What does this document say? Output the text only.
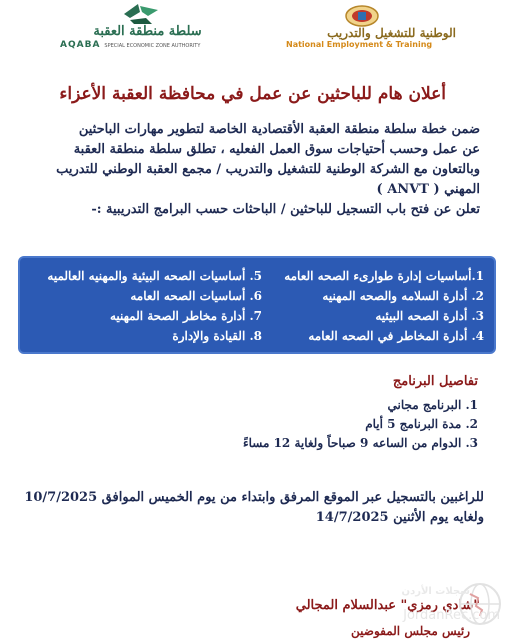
سلطة منطقة العقبة
AQABA SPECIAL ECONOMIC ZONE AUTHORITY
الوطنية للتشغيل والتدريب
National Employment & Training
أعلان هام للباحثين عن عمل في محافظة العقبة الأعزاء
ضمن خطة سلطة منطقة العقبة الأقتصادية الخاصة لتطوير مهارات الباحثين
عن عمل وحسب أحتياجات سوق العمل الفعليه ، تطلق سلطة منطقة العقبة
وبالتعاون مع الشركة الوطنية للتشغيل والتدريب / مجمع العقبة الوطني للتدريب
المهني ( ANVT )
تعلن عن فتح باب التسجيل للباحثين / الباحثات حسب البرامج التدريبية :-
1.أساسيات إدارة طوارىء الصحه العامه
2. أدارة السلامه والصحه المهنيه
3. أدارة الصحه البيئيه
4. أدارة المخاطر في الصحه العامه
5. أساسيات الصحه البيئية والمهنيه العالميه
6. أساسيات الصحه العامه
7. أدارة مخاطر الصحة المهنيه
8. القيادة والإدارة
تفاصيل البرنامج
1. البرنامج مجاني
2. مدة البرنامج 5 أيام
3. الدوام من الساعه 9 صباحاً ولغاية 12 مساءً
للراغبين بالتسجيل عبر الموقع المرفق وابتداء من يوم الخميس الموافق 10/7/2025
ولغايه يوم الأثنين 14/7/2025
"شادي رمزي" عبدالسلام المجالي
رئيس مجلس المفوضين
سجلات الأردن
JordanRec.com
